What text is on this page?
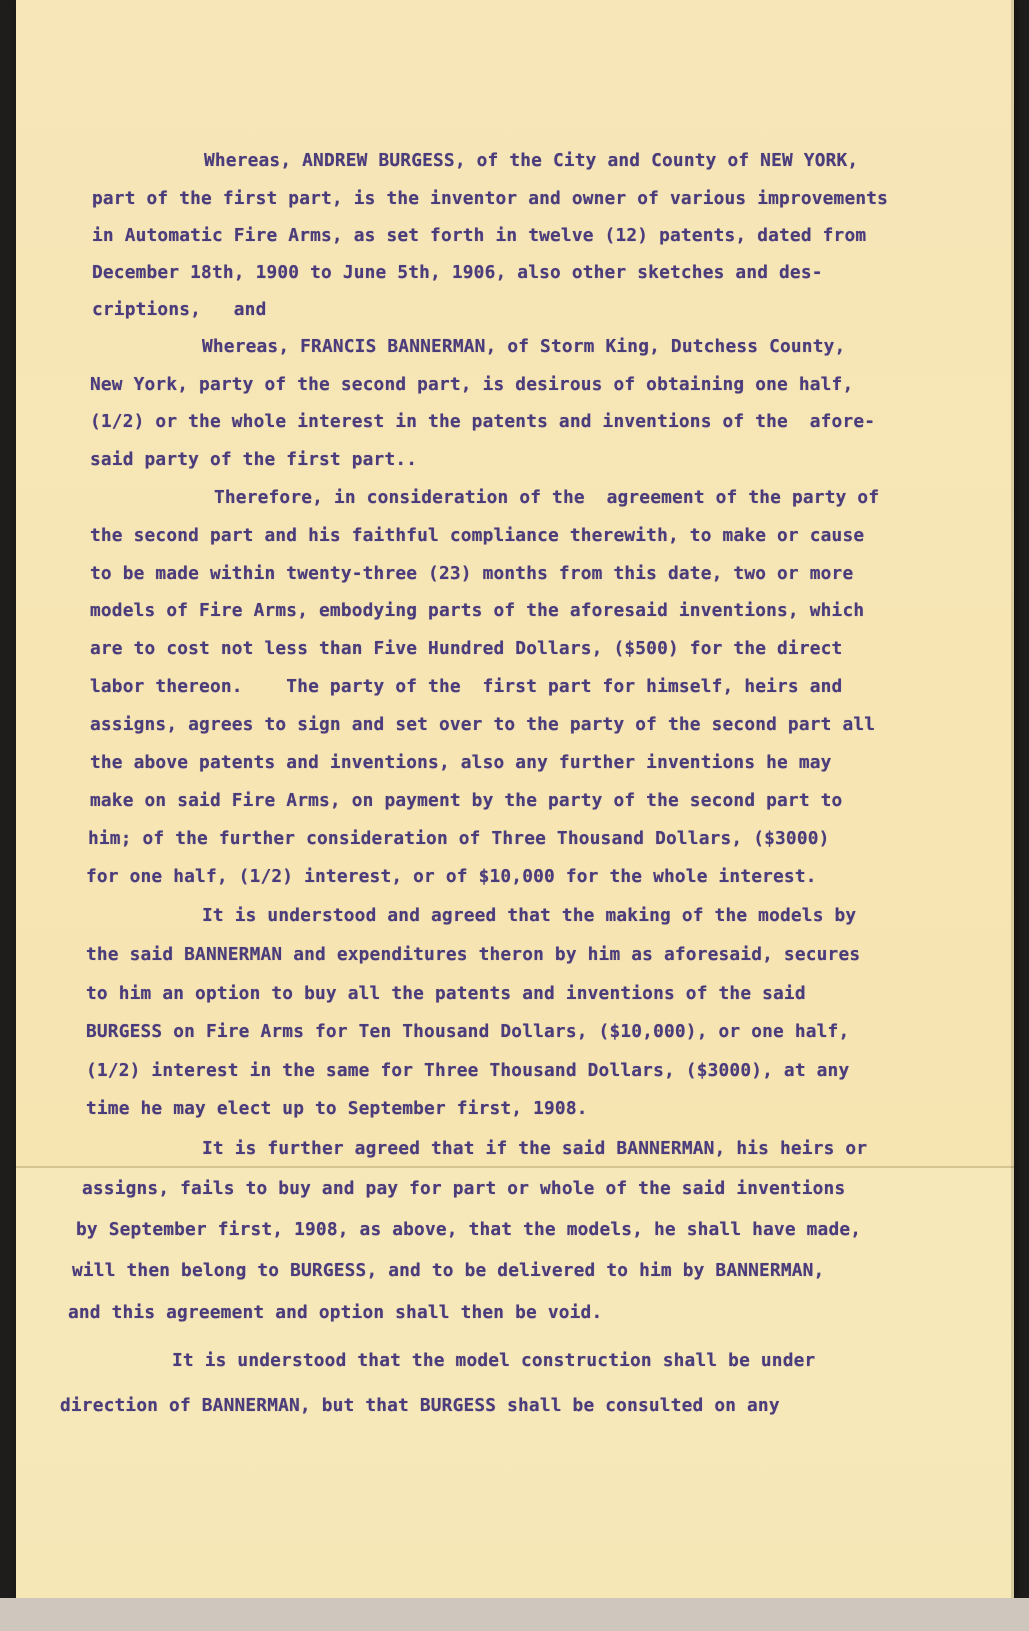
Whereas, ANDREW BURGESS, of the City and County of NEW YORK,

part of the first part, is the inventor and owner of various improvements

in Automatic Fire Arms, as set forth in twelve (12) patents, dated from

December 18th, 1900 to June 5th, 1906, also other sketches and des-

criptions,   and

Whereas, FRANCIS BANNERMAN, of Storm King, Dutchess County,

New York, party of the second part, is desirous of obtaining one half,

(1/2) or the whole interest in the patents and inventions of the  afore-

said party of the first part..

Therefore, in consideration of the  agreement of the party of

the second part and his faithful compliance therewith, to make or cause

to be made within twenty-three (23) months from this date, two or more

models of Fire Arms, embodying parts of the aforesaid inventions, which

are to cost not less than Five Hundred Dollars, ($500) for the direct

labor thereon.    The party of the  first part for himself, heirs and

assigns, agrees to sign and set over to the party of the second part all

the above patents and inventions, also any further inventions he may

make on said Fire Arms, on payment by the party of the second part to

him; of the further consideration of Three Thousand Dollars, ($3000)

for one half, (1/2) interest, or of $10,000 for the whole interest.

It is understood and agreed that the making of the models by

the said BANNERMAN and expenditures theron by him as aforesaid, secures

to him an option to buy all the patents and inventions of the said

BURGESS on Fire Arms for Ten Thousand Dollars, ($10,000), or one half,

(1/2) interest in the same for Three Thousand Dollars, ($3000), at any

time he may elect up to September first, 1908.

It is further agreed that if the said BANNERMAN, his heirs or

assigns, fails to buy and pay for part or whole of the said inventions

by September first, 1908, as above, that the models, he shall have made,

will then belong to BURGESS, and to be delivered to him by BANNERMAN,

and this agreement and option shall then be void.

It is understood that the model construction shall be under

direction of BANNERMAN, but that BURGESS shall be consulted on any
